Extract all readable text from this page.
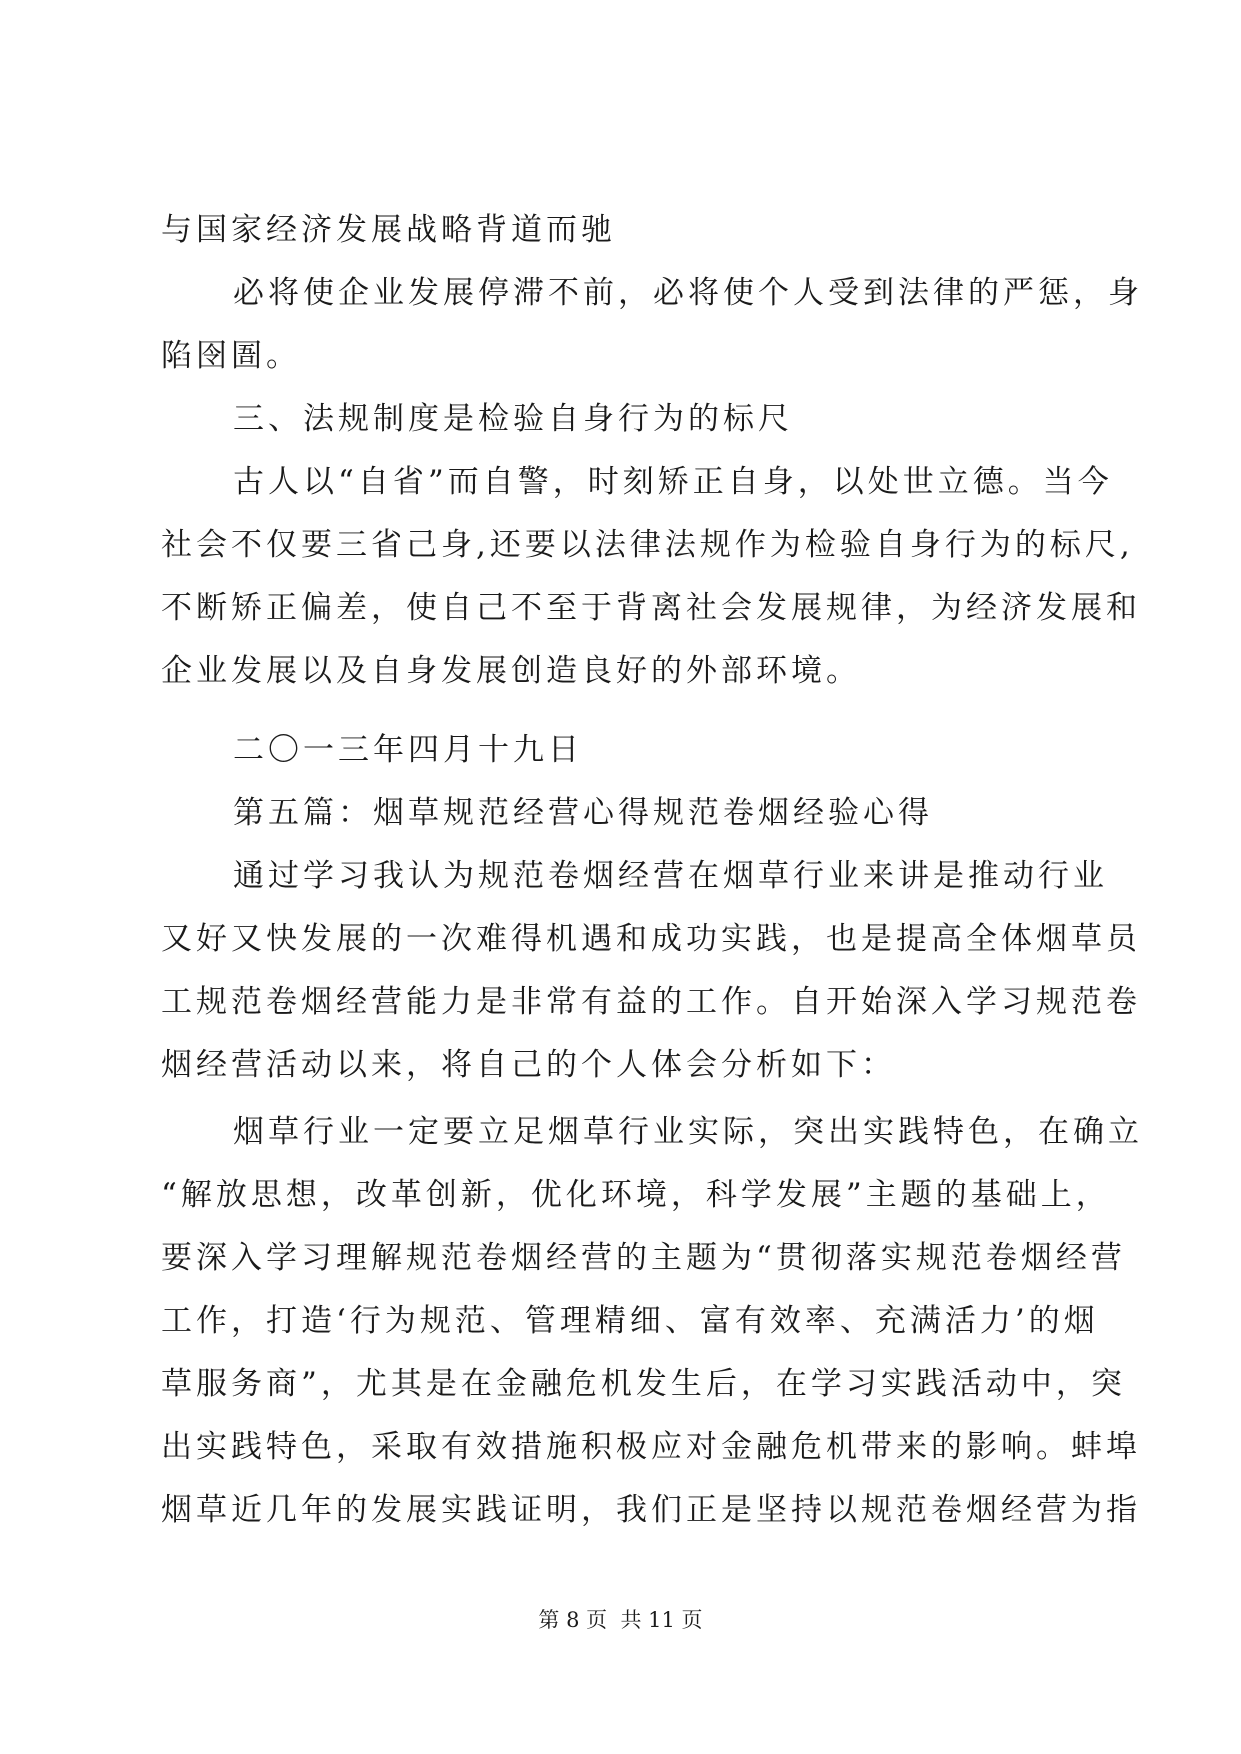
与国家经济发展战略背道而驰

必将使企业发展停滞不前，必将使个人受到法律的严惩，身

陷囹圄。

三、法规制度是检验自身行为的标尺

古人以“自省”而自警，时刻矫正自身，以处世立德。当今

社会不仅要三省己身,还要以法律法规作为检验自身行为的标尺,

不断矫正偏差，使自己不至于背离社会发展规律，为经济发展和

企业发展以及自身发展创造良好的外部环境。

二〇一三年四月十九日

第五篇：烟草规范经营心得规范卷烟经验心得

通过学习我认为规范卷烟经营在烟草行业来讲是推动行业

又好又快发展的一次难得机遇和成功实践，也是提高全体烟草员

工规范卷烟经营能力是非常有益的工作。自开始深入学习规范卷

烟经营活动以来，将自己的个人体会分析如下：

烟草行业一定要立足烟草行业实际，突出实践特色，在确立

“解放思想，改革创新，优化环境，科学发展”主题的基础上，

要深入学习理解规范卷烟经营的主题为“贯彻落实规范卷烟经营

工作，打造‘行为规范、管理精细、富有效率、充满活力’的烟

草服务商”，尤其是在金融危机发生后，在学习实践活动中，突

出实践特色，采取有效措施积极应对金融危机带来的影响。蚌埠

烟草近几年的发展实践证明，我们正是坚持以规范卷烟经营为指

第 8 页  共 11 页
